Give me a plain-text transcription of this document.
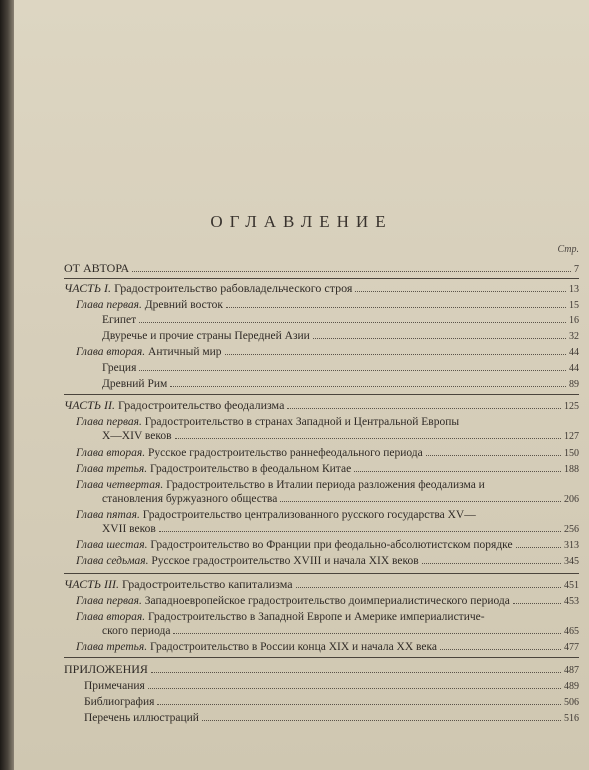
ОГЛАВЛЕНИЕ
Стр.
ОТ АВТОРА	7
ЧАСТЬ I. Градостроительство рабовладельческого строя	13
Глава первая. Древний восток	15
Египет	16
Двуречье и прочие страны Передней Азии	32
Глава вторая. Античный мир	44
Греция	44
Древний Рим	89
ЧАСТЬ II. Градостроительство феодализма	125
Глава первая. Градостроительство в странах Западной и Центральной Европы
X—XIV веков	127
Глава вторая. Русское градостроительство раннефеодального периода	150
Глава третья. Градостроительство в феодальном Китае	188
Глава четвертая. Градостроительство в Италии периода разложения феодализма и
становления буржуазного общества	206
Глава пятая. Градостроительство централизованного русского государства XV—
XVII веков	256
Глава шестая. Градостроительство во Франции при феодально-абсолютистском порядке	313
Глава седьмая. Русское градостроительство XVIII и начала XIX веков	345
ЧАСТЬ III. Градостроительство капитализма	451
Глава первая. Западноевропейское градостроительство доимпериалистического периода	453
Глава вторая. Градостроительство в Западной Европе и Америке империалистиче-
ского периода	465
Глава третья. Градостроительство в России конца XIX и начала XX века	477
ПРИЛОЖЕНИЯ	487
Примечания	489
Библиография	506
Перечень иллюстраций	516
